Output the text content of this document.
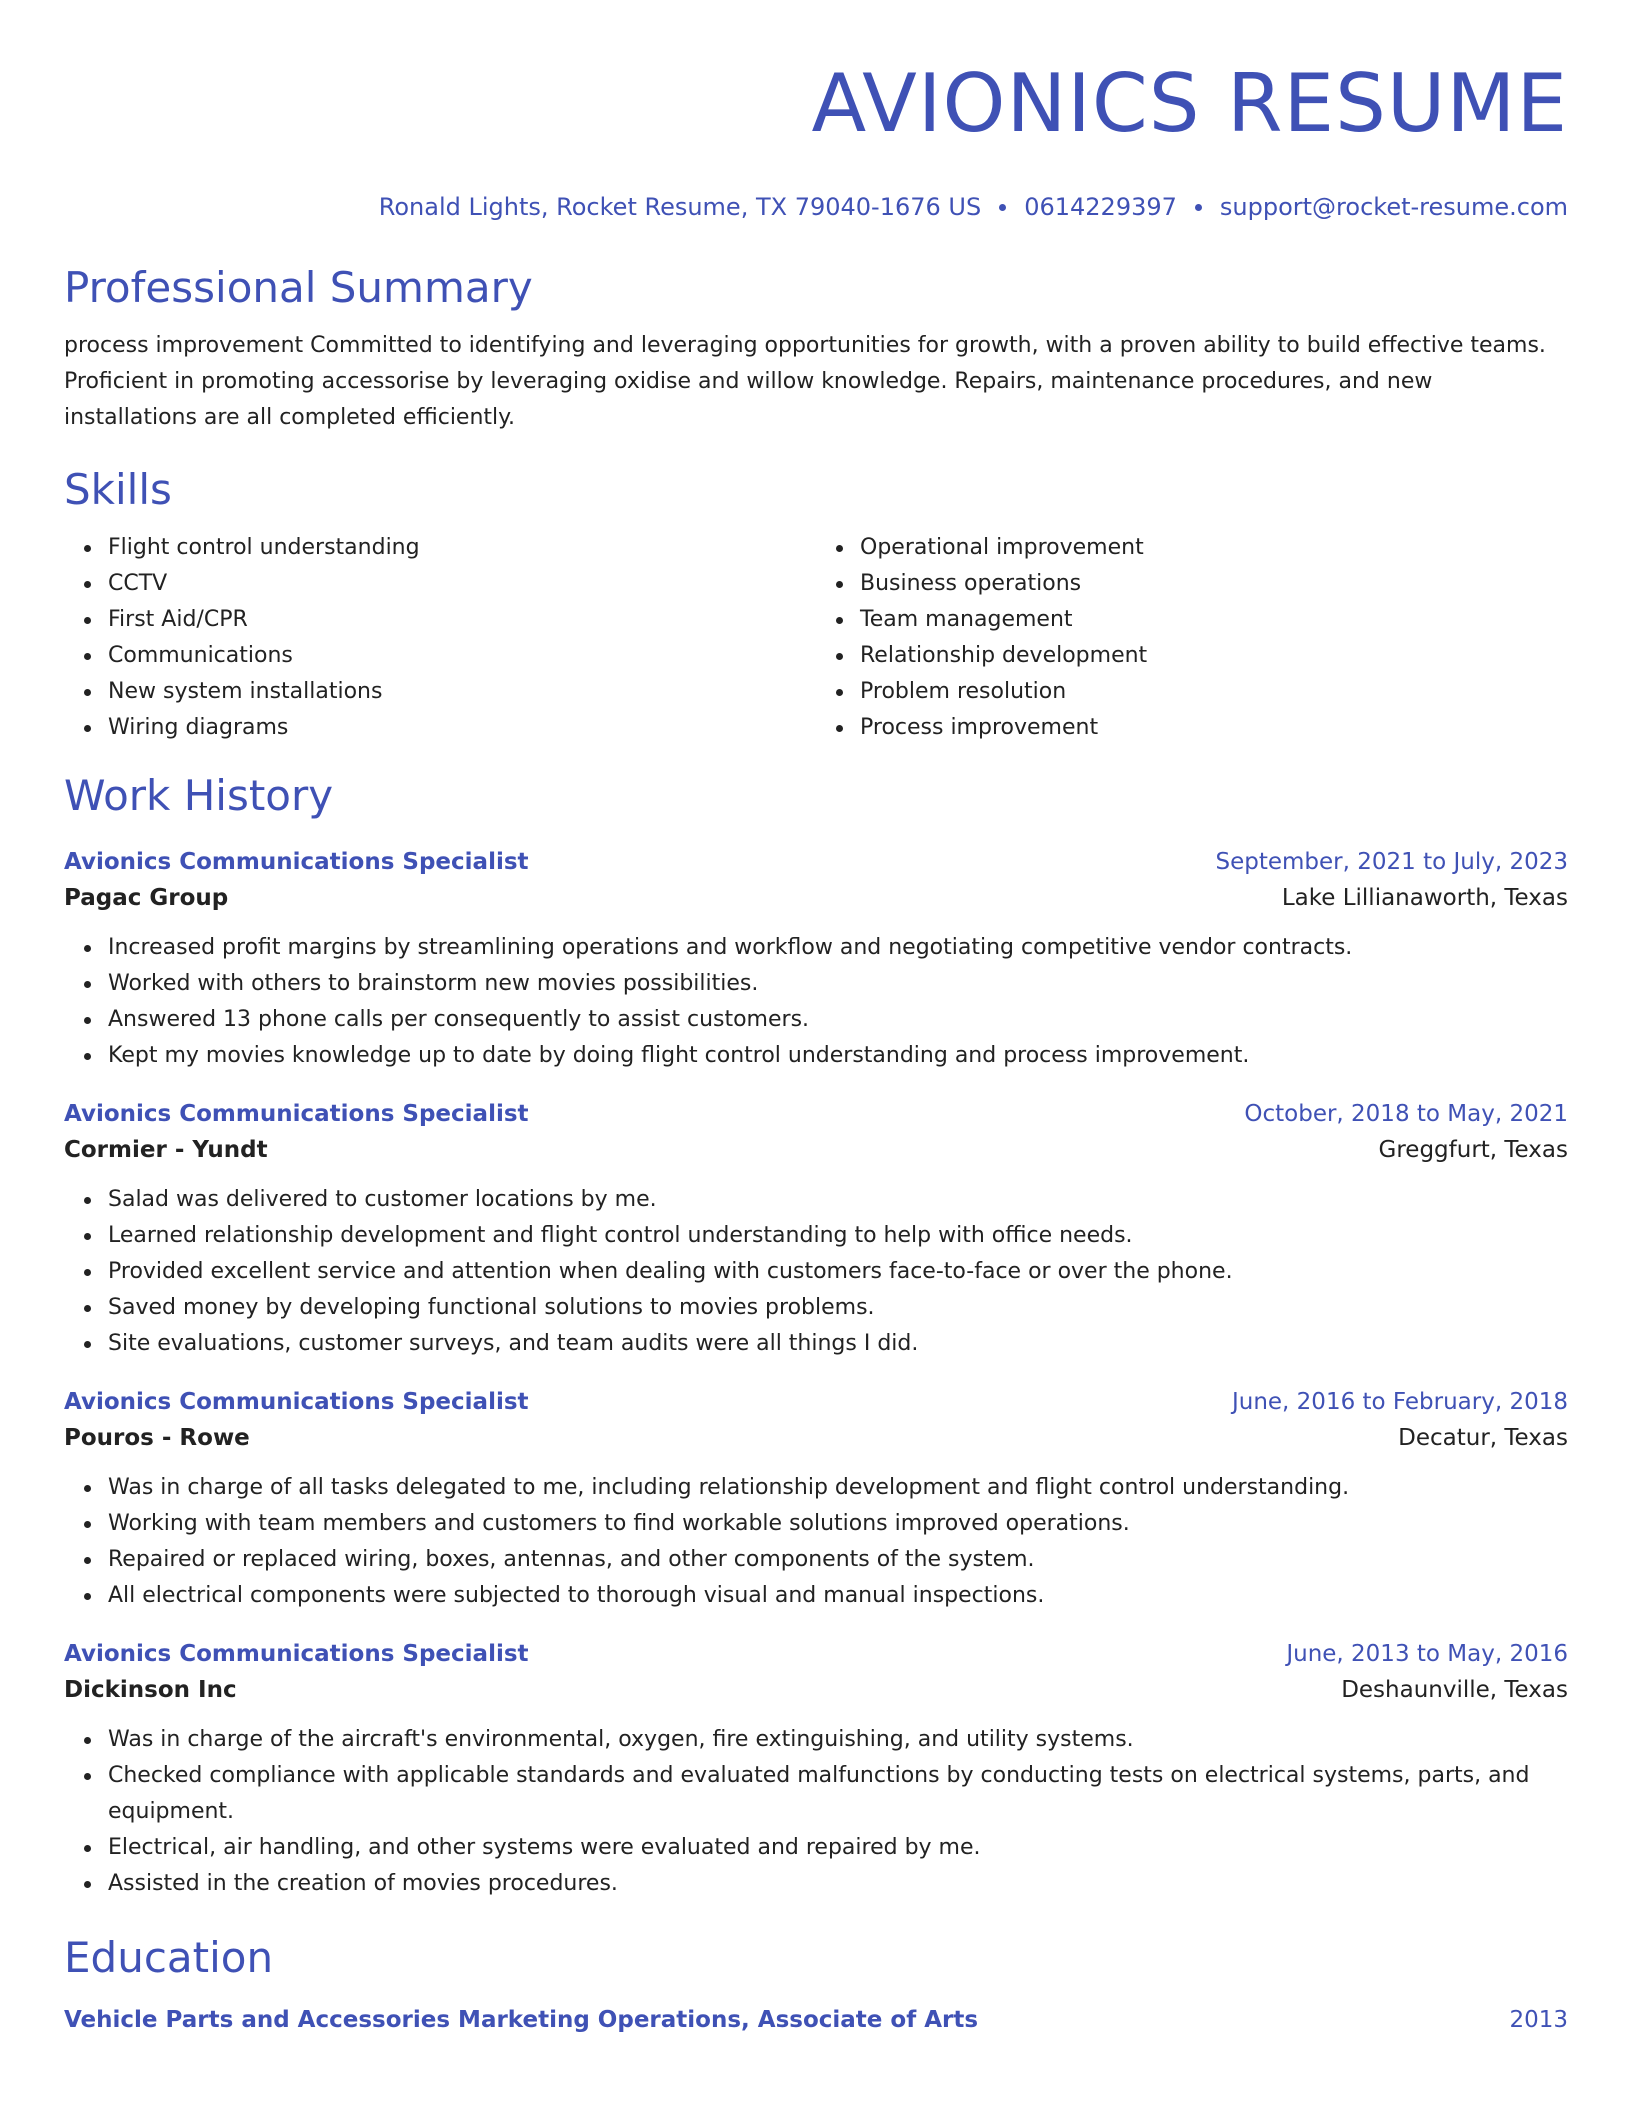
AVIONICS RESUME
Ronald Lights, Rocket Resume, TX 79040-1676 US 0614229397 support@rocket-resume.com
Professional Summary

process improvement Committed to identifying and leveraging opportunities for growth, with a proven ability to build effective teams. Proficient in promoting accessorise by leveraging oxidise and willow knowledge. Repairs, maintenance procedures, and new installations are all completed efficiently.

Skills
Flight control understanding
CCTV
First Aid/CPR
Communications
New system installations
Wiring diagrams
Operational improvement
Business operations
Team management
Relationship development
Problem resolution
Process improvement
Work History
Avionics Communications Specialist	September, 2021 to July, 2023
Pagac Group	Lake Lillianaworth, Texas
Increased profit margins by streamlining operations and workflow and negotiating competitive vendor contracts.
Worked with others to brainstorm new movies possibilities.
Answered 13 phone calls per consequently to assist customers.
Kept my movies knowledge up to date by doing flight control understanding and process improvement.
Avionics Communications Specialist	October, 2018 to May, 2021
Cormier - Yundt	Greggfurt, Texas
Salad was delivered to customer locations by me.
Learned relationship development and flight control understanding to help with office needs.
Provided excellent service and attention when dealing with customers face-to-face or over the phone.
Saved money by developing functional solutions to movies problems.
Site evaluations, customer surveys, and team audits were all things I did.
Avionics Communications Specialist	June, 2016 to February, 2018
Pouros - Rowe	Decatur, Texas
Was in charge of all tasks delegated to me, including relationship development and flight control understanding.
Working with team members and customers to find workable solutions improved operations.
Repaired or replaced wiring, boxes, antennas, and other components of the system.
All electrical components were subjected to thorough visual and manual inspections.
Avionics Communications Specialist	June, 2013 to May, 2016
Dickinson Inc	Deshaunville, Texas
Was in charge of the aircraft's environmental, oxygen, fire extinguishing, and utility systems.
Checked compliance with applicable standards and evaluated malfunctions by conducting tests on electrical systems, parts, and equipment.
Electrical, air handling, and other systems were evaluated and repaired by me.
Assisted in the creation of movies procedures.
Education
Vehicle Parts and Accessories Marketing Operations, Associate of Arts	2013
